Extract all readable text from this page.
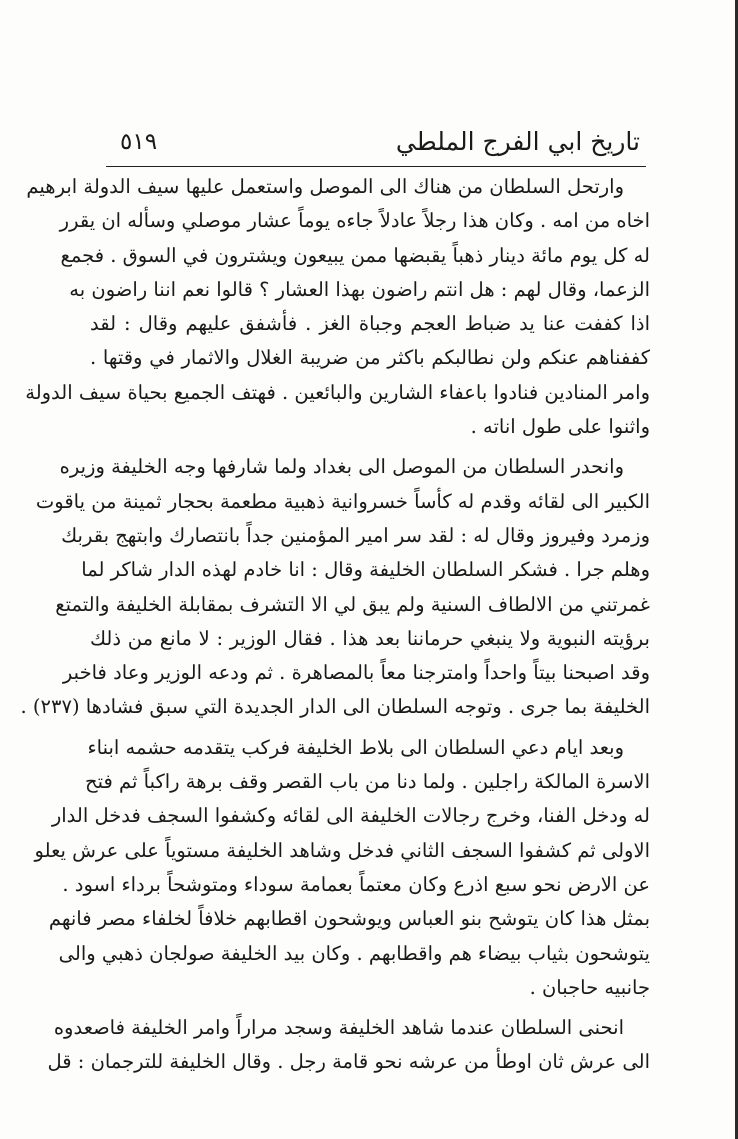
تاريخ ابي الفرج الملطي
٥١٩
وارتحل السلطان من هناك الى الموصل واستعمل عليها سيف الدولة ابرهيم
اخاه من امه . وكان هذا رجلاً عادلاً جاءه يوماً عشار موصلي وسأله ان يقرر
له كل يوم مائة دينار ذهباً يقبضها ممن يبيعون ويشترون في السوق . فجمع
الزعما، وقال لهم : هل انتم راضون بهذا العشار ؟ قالوا نعم اننا راضون به
اذا كففت عنا يد ضباط العجم وجباة الغز . فأشفق عليهم وقال : لقد
كففناهم عنكم ولن نطالبكم باكثر من ضريبة الغلال والاثمار في وقتها .
وامر المنادين فنادوا باعفاء الشارين والبائعين . فهتف الجميع بحياة سيف الدولة
واثنوا على طول اناته .
وانحدر السلطان من الموصل الى بغداد ولما شارفها وجه الخليفة وزيره
الكبير الى لقائه وقدم له كأساً خسروانية ذهبية مطعمة بحجار ثمينة من ياقوت
وزمرد وفيروز وقال له : لقد سر امير المؤمنين جداً بانتصارك وابتهج بقربك
وهلم جرا . فشكر السلطان الخليفة وقال : انا خادم لهذه الدار شاكر لما
غمرتني من الالطاف السنية ولم يبق لي الا التشرف بمقابلة الخليفة والتمتع
برؤيته النبوية ولا ينبغي حرماننا بعد هذا . فقال الوزير : لا مانع من ذلك
وقد اصبحنا بيتاً واحداً وامترجنا معاً بالمصاهرة . ثم ودعه الوزير وعاد فاخبر
الخليفة بما جرى . وتوجه السلطان الى الدار الجديدة التي سبق فشادها (٢٣٧) .
وبعد ايام دعي السلطان الى بلاط الخليفة فركب يتقدمه حشمه ابناء
الاسرة المالكة راجلين . ولما دنا من باب القصر وقف برهة راكباً ثم فتح
له ودخل الفنا، وخرج رجالات الخليفة الى لقائه وكشفوا السجف فدخل الدار
الاولى ثم كشفوا السجف الثاني فدخل وشاهد الخليفة مستوياً على عرش يعلو
عن الارض نحو سبع اذرع وكان معتماً بعمامة سوداء ومتوشحاً برداء اسود .
بمثل هذا كان يتوشح بنو العباس ويوشحون اقطابهم خلافاً لخلفاء مصر فانهم
يتوشحون بثياب بيضاء هم واقطابهم . وكان بيد الخليفة صولجان ذهبي والى
جانبيه حاجبان .
انحنى السلطان عندما شاهد الخليفة وسجد مراراً وامر الخليفة فاصعدوه
الى عرش ثان اوطأ من عرشه نحو قامة رجل . وقال الخليفة للترجمان : قل
